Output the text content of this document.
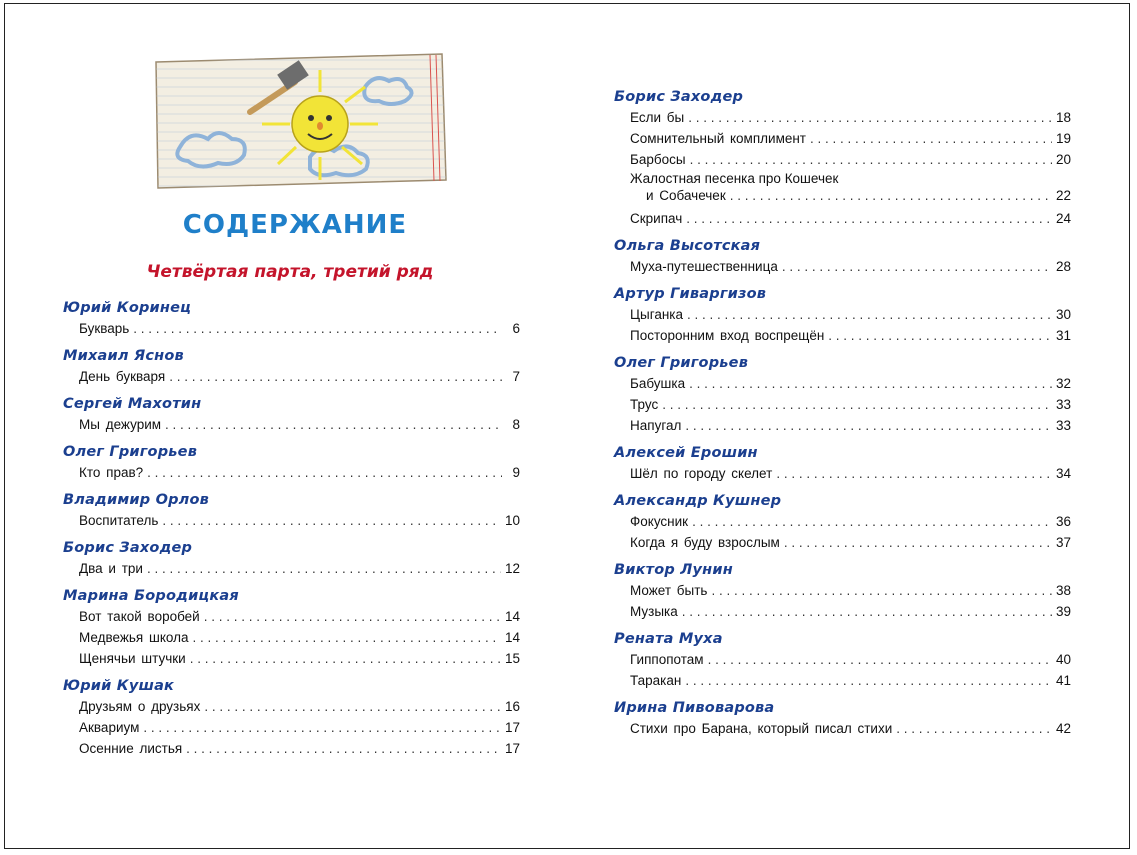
СОДЕРЖАНИЕ
Четвёртая парта, третий ряд
Юрий Коринец
Букварь . . .	6
Михаил Яснов
День букваря . . .	7
Сергей Махотин
Мы дежурим . . .	8
Олег Григорьев
Кто прав? . . .	9
Владимир Орлов
Воспитатель . . .	10
Борис Заходер
Два и три . . .	12
Марина Бородицкая
Вот такой воробей . . .	14
Медвежья школа . . .	14
Щенячьи штучки . . .	15
Юрий Кушак
Друзьям о друзьях . . .	16
Аквариум . . .	17
Осенние листья . . .	17
Борис Заходер
Если бы . . .	18
Сомнительный комплимент . . .	19
Барбосы . . .	20
Жалостная песенка про Кошечек
и Собачечек . . .	22
Скрипач . . .	24
Ольга Высотская
Муха-путешественница . . .	28
Артур Гиваргизов
Цыганка . . .	30
Посторонним вход воспрещён . . .	31
Олег Григорьев
Бабушка . . .	32
Трус . . .	33
Напугал . . .	33
Алексей Ерошин
Шёл по городу скелет . . .	34
Александр Кушнер
Фокусник . . .	36
Когда я буду взрослым . . .	37
Виктор Лунин
Может быть . . .	38
Музыка . . .	39
Рената Муха
Гиппопотам . . .	40
Таракан . . .	41
Ирина Пивоварова
Стихи про Барана, который писал стихи . . .	42
